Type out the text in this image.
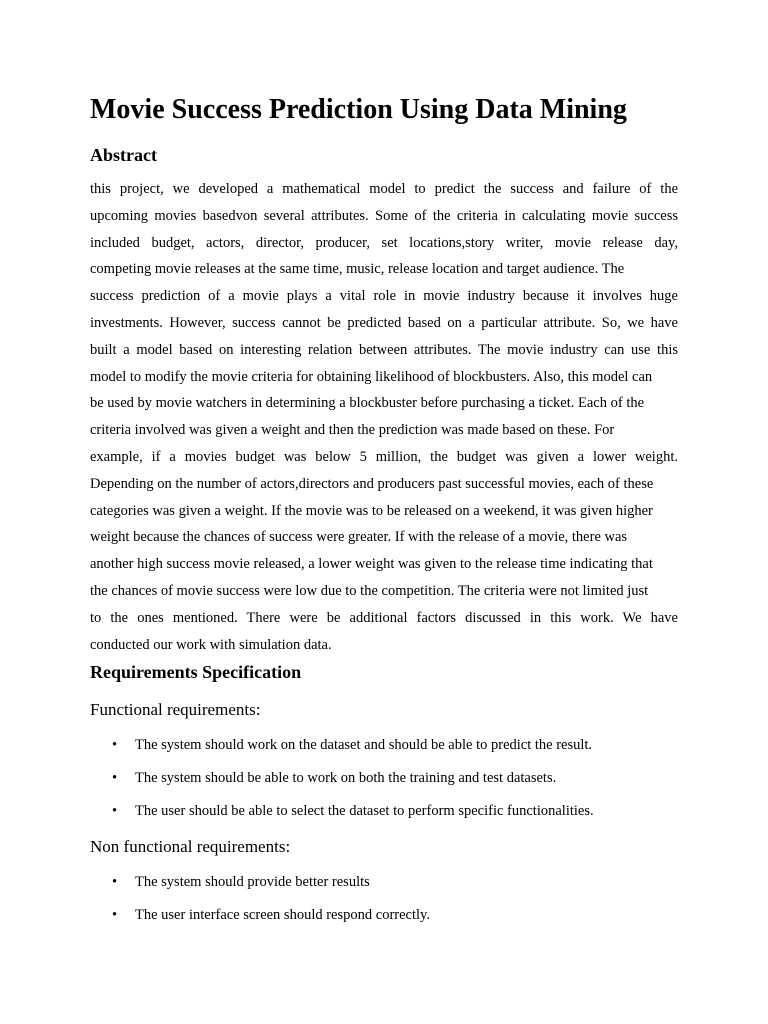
Movie Success Prediction Using Data Mining
Abstract
this project, we developed a mathematical model to predict the success and failure of the
upcoming movies basedvon several attributes. Some of the criteria in calculating movie success
included budget, actors, director, producer, set locations,story writer, movie release day,
competing movie releases at the same time, music, release location and target audience. The
success prediction of a movie plays a vital role in movie industry because it involves huge
investments. However, success cannot be predicted based on a particular attribute. So, we have
built a model based on interesting relation between attributes. The movie industry can use this
model to modify the movie criteria for obtaining likelihood of blockbusters. Also, this model can
be used by movie watchers in determining a blockbuster before purchasing a ticket. Each of the
criteria involved was given a weight and then the prediction was made based on these. For
example, if a movies budget was below 5 million, the budget was given a lower weight.
Depending on the number of actors,directors and producers past successful movies, each of these
categories was given a weight. If the movie was to be released on a weekend, it was given higher
weight because the chances of success were greater. If with the release of a movie, there was
another high success movie released, a lower weight was given to the release time indicating that
the chances of movie success were low due to the competition. The criteria were not limited just
to the ones mentioned. There were be additional factors discussed in this work. We have
conducted our work with simulation data.
Requirements Specification
Functional requirements:
• The system should work on the dataset and should be able to predict the result.
• The system should be able to work on both the training and test datasets.
• The user should be able to select the dataset to perform specific functionalities.
Non functional requirements:
• The system should provide better results
• The user interface screen should respond correctly.
